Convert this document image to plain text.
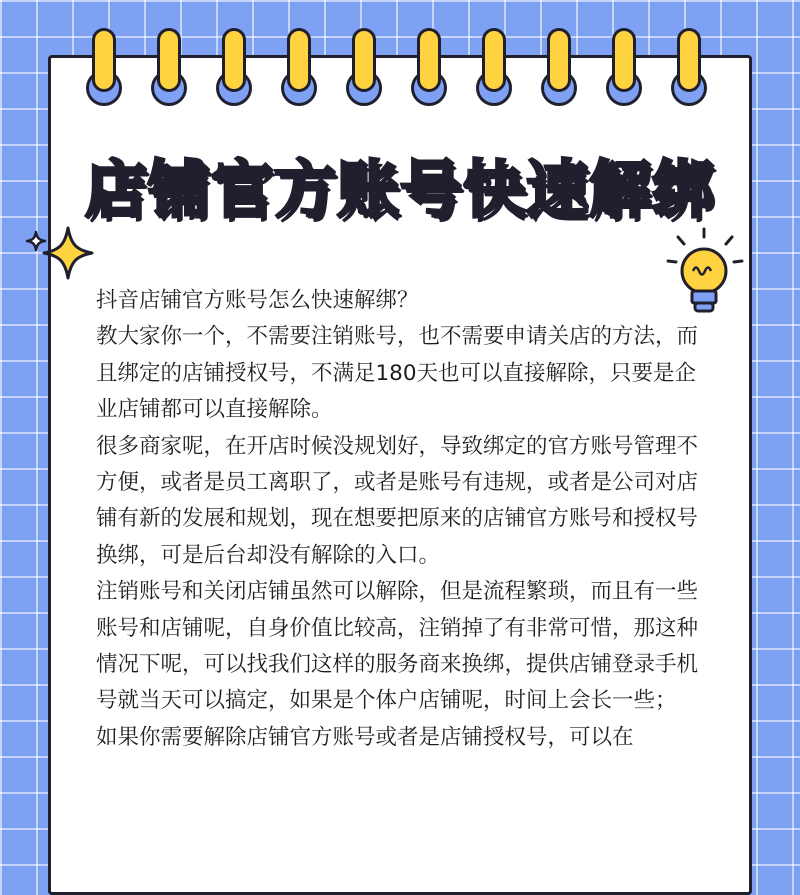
店铺官方账号快速解绑

抖音店铺官方账号怎么快速解绑？

教大家你一个，不需要注销账号，也不需要申请关店的方法，而且绑定的店铺授权号，不满足180天也可以直接解除，只要是企业店铺都可以直接解除。

很多商家呢，在开店时候没规划好，导致绑定的官方账号管理不方便，或者是员工离职了，或者是账号有违规，或者是公司对店铺有新的发展和规划，现在想要把原来的店铺官方账号和授权号换绑，可是后台却没有解除的入口。

注销账号和关闭店铺虽然可以解除，但是流程繁琐，而且有一些账号和店铺呢，自身价值比较高，注销掉了有非常可惜，那这种情况下呢，可以找我们这样的服务商来换绑，提供店铺登录手机号就当天可以搞定，如果是个体户店铺呢，时间上会长一些；

如果你需要解除店铺官方账号或者是店铺授权号，可以在
